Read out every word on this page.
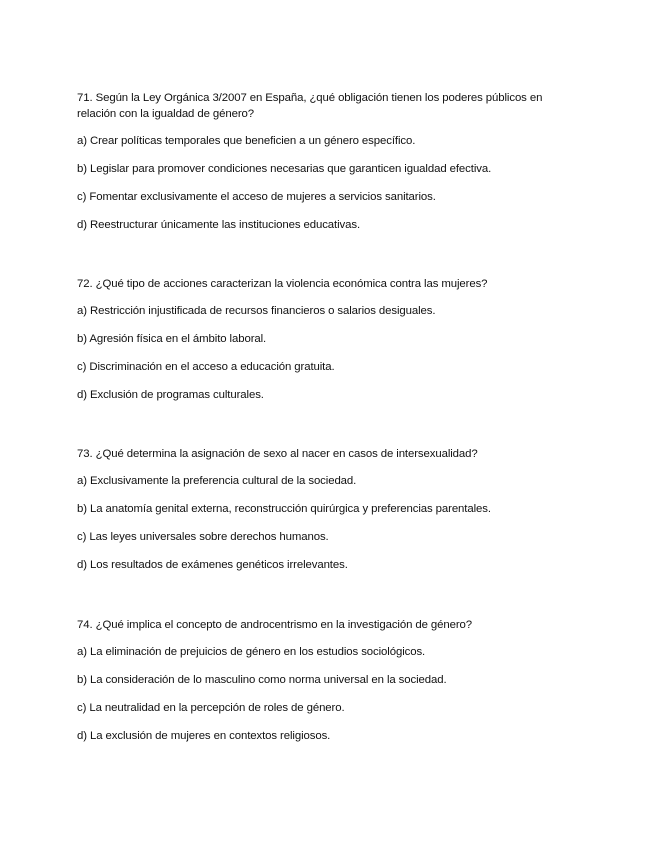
71. Según la Ley Orgánica 3/2007 en España, ¿qué obligación tienen los poderes públicos en relación con la igualdad de género?

a) Crear políticas temporales que beneficien a un género específico.

b) Legislar para promover condiciones necesarias que garanticen igualdad efectiva.

c) Fomentar exclusivamente el acceso de mujeres a servicios sanitarios.

d) Reestructurar únicamente las instituciones educativas.

72. ¿Qué tipo de acciones caracterizan la violencia económica contra las mujeres?

a) Restricción injustificada de recursos financieros o salarios desiguales.

b) Agresión física en el ámbito laboral.

c) Discriminación en el acceso a educación gratuita.

d) Exclusión de programas culturales.

73. ¿Qué determina la asignación de sexo al nacer en casos de intersexualidad?

a) Exclusivamente la preferencia cultural de la sociedad.

b) La anatomía genital externa, reconstrucción quirúrgica y preferencias parentales.

c) Las leyes universales sobre derechos humanos.

d) Los resultados de exámenes genéticos irrelevantes.

74. ¿Qué implica el concepto de androcentrismo en la investigación de género?

a) La eliminación de prejuicios de género en los estudios sociológicos.

b) La consideración de lo masculino como norma universal en la sociedad.

c) La neutralidad en la percepción de roles de género.

d) La exclusión de mujeres en contextos religiosos.
